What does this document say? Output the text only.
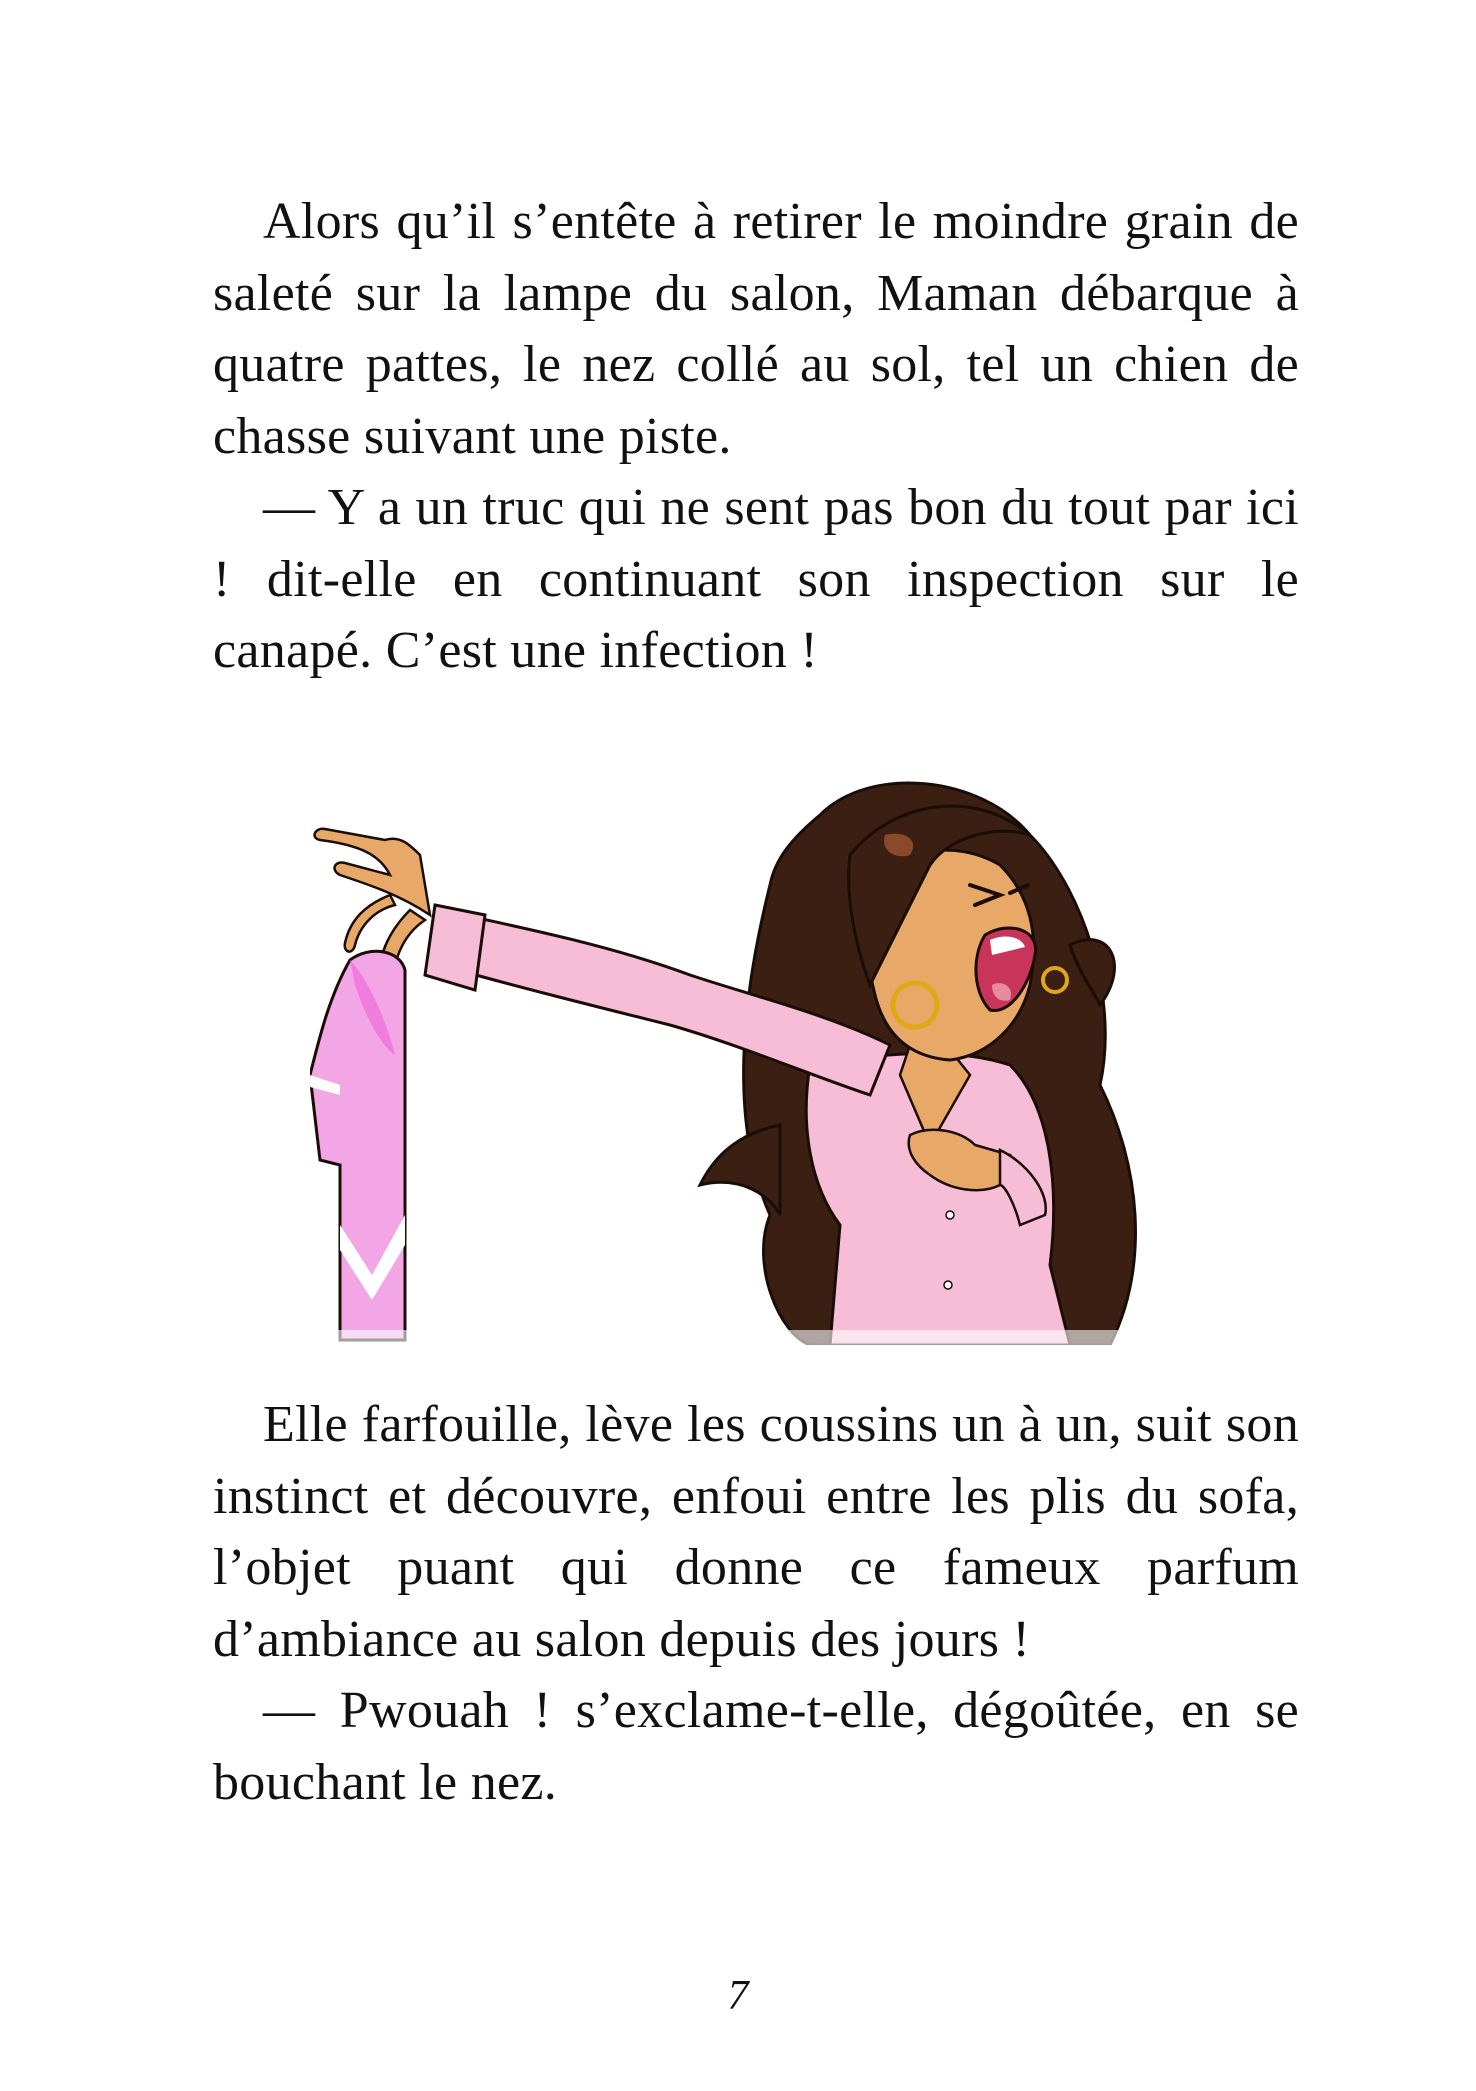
Alors qu’il s’entête à retirer le moindre grain de saleté sur la lampe du salon, Maman débarque à quatre pattes, le nez collé au sol, tel un chien de chasse suivant une piste.

— Y a un truc qui ne sent pas bon du tout par ici ! dit-elle en continuant son inspection sur le canapé. C’est une infection !

Elle farfouille, lève les coussins un à un, suit son instinct et découvre, enfoui entre les plis du sofa, l’objet puant qui donne ce fameux parfum d’ambiance au salon depuis des jours !

— Pwouah ! s’exclame-t-elle, dégoûtée, en se bouchant le nez.

7
